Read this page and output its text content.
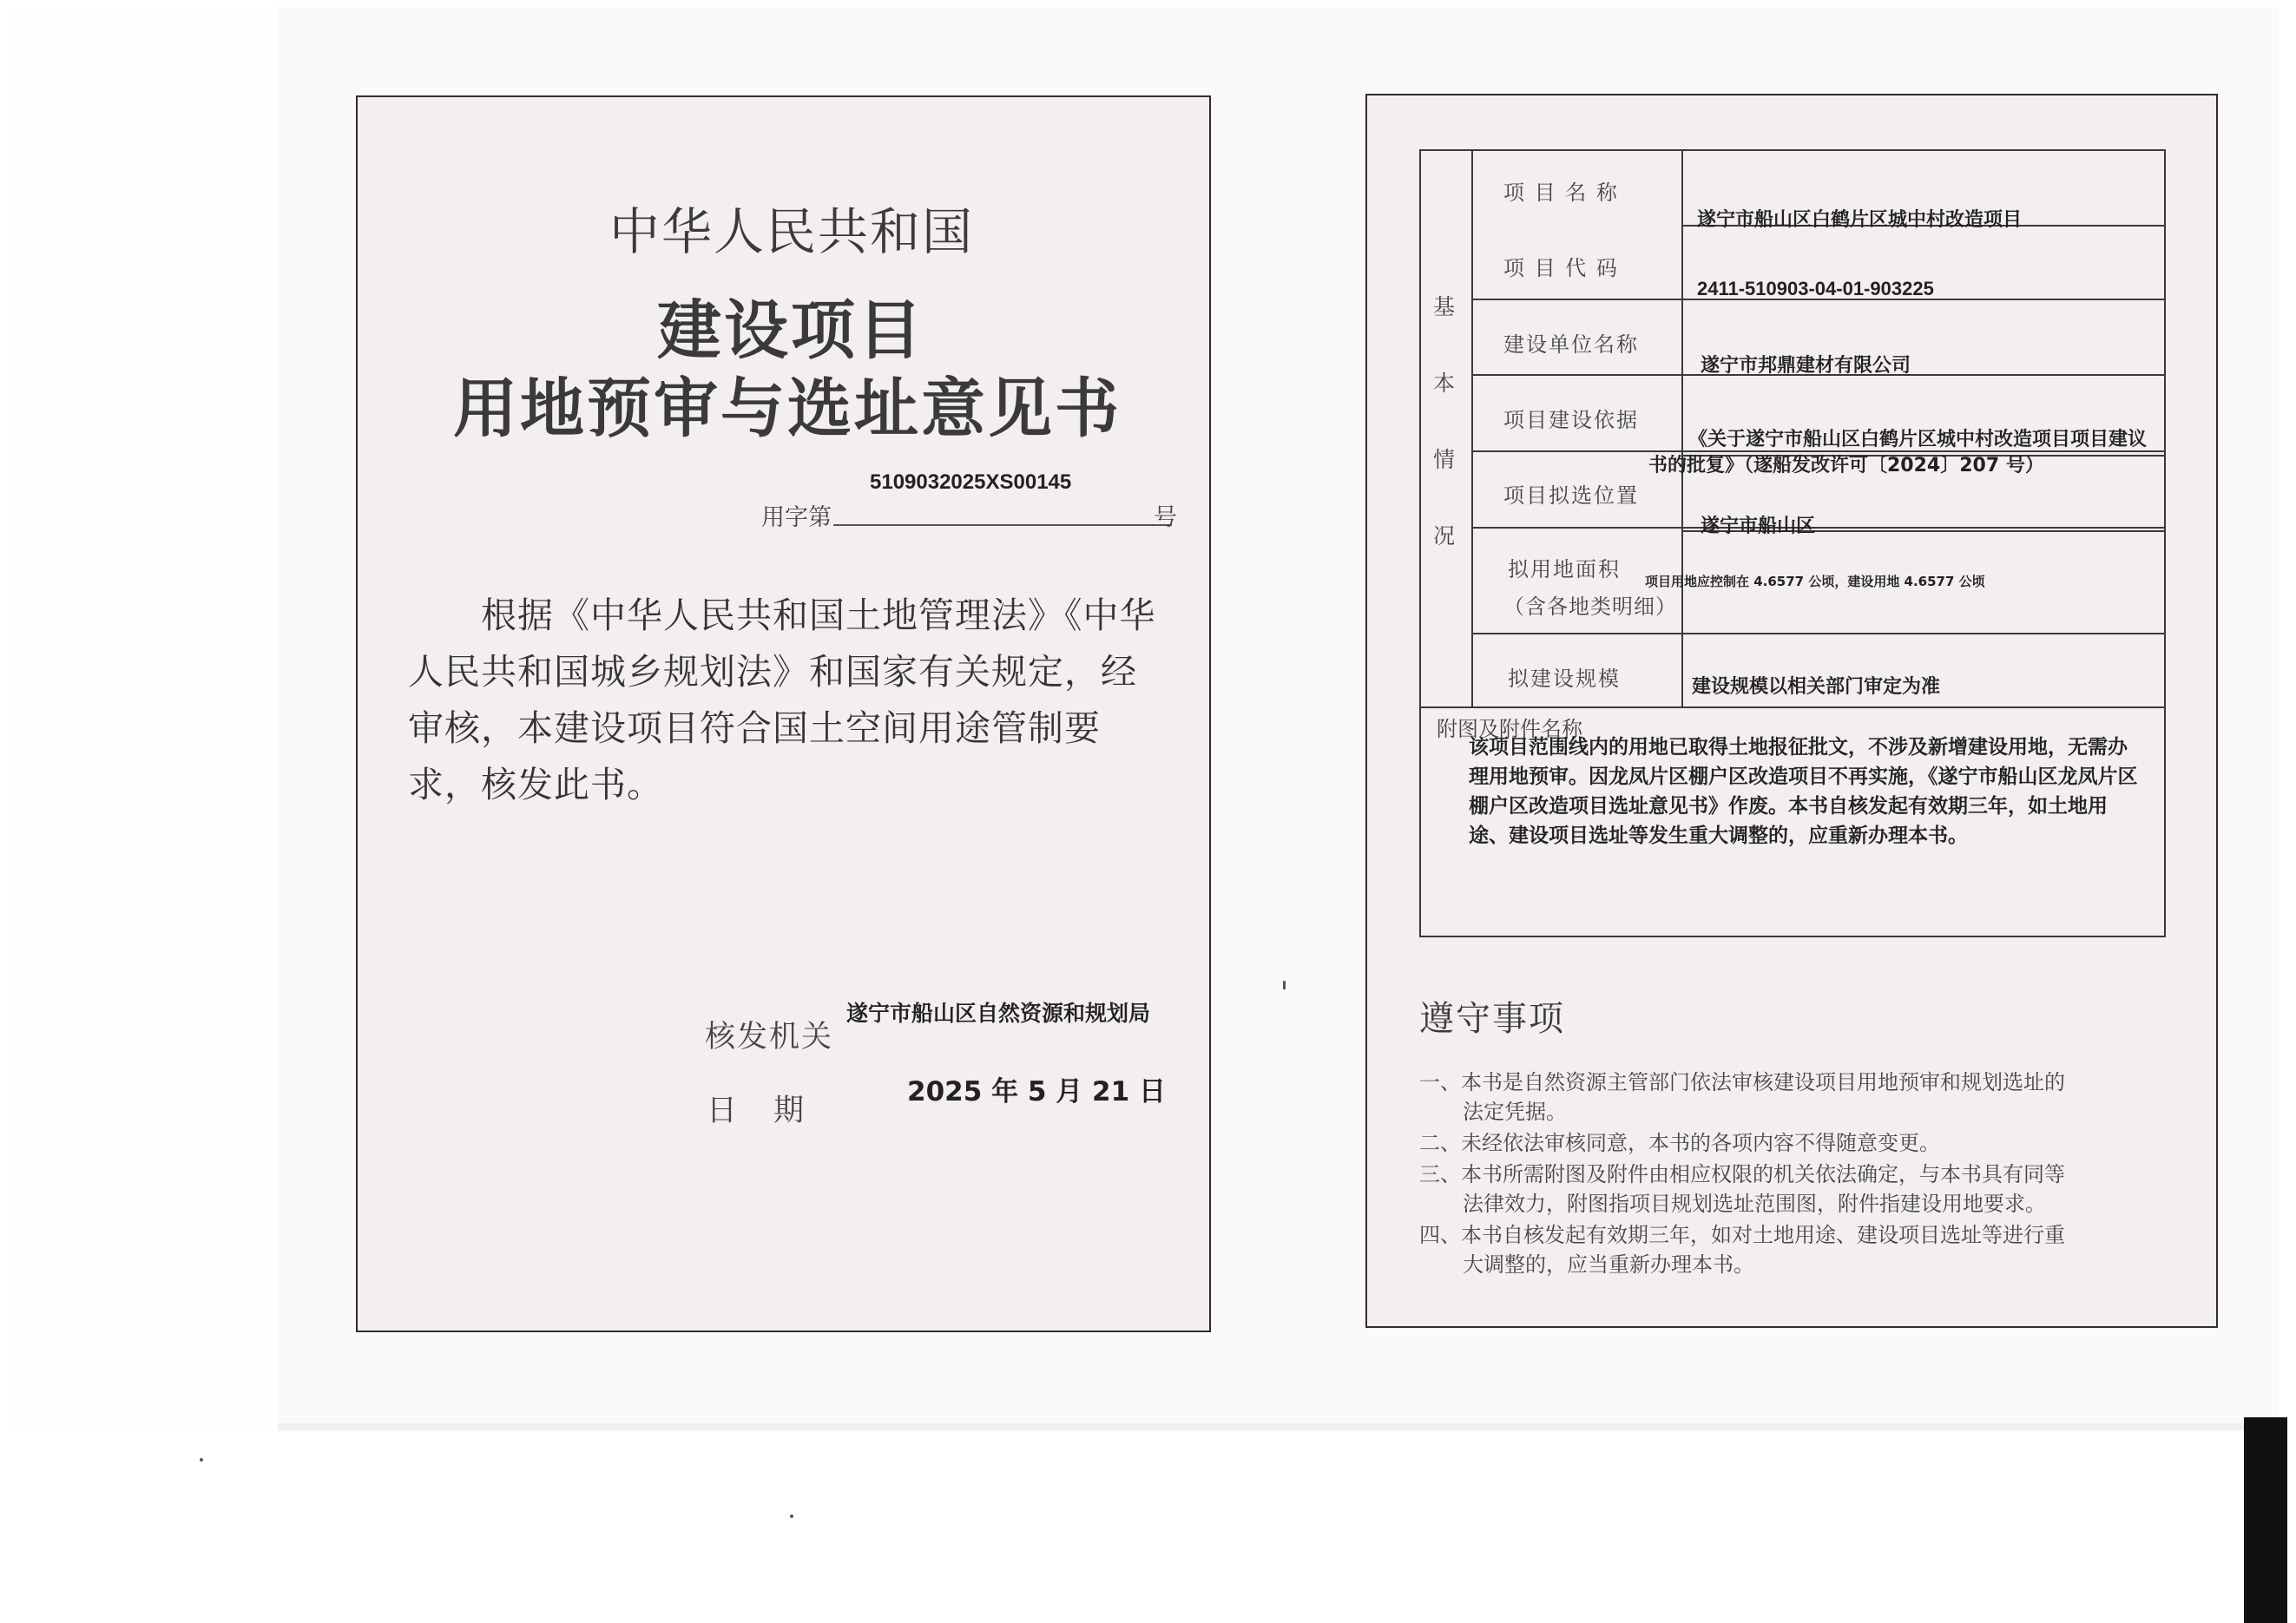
中华人民共和国
建设项目
用地预审与选址意见书
5109032025XS00145
用字第	号
根据《中华人民共和国土地管理法》《中华人民共和国城乡规划法》和国家有关规定，经审核，本建设项目符合国土空间用途管制要求，核发此书。
核发机关
遂宁市船山区自然资源和规划局
日期
2025 年 5 月 21 日
基
本
情
况
项 目 名 称
项 目 代 码
建设单位名称
项目建设依据
项目拟选位置
拟用地面积
（含各地类明细）
拟建设规模
遂宁市船山区白鹤片区城中村改造项目
2411-510903-04-01-903225
遂宁市邦鼎建材有限公司
《关于遂宁市船山区白鹤片区城中村改造项目项目建议
书的批复》（遂船发改许可〔2024〕207 号）
遂宁市船山区
项目用地应控制在 4.6577 公顷，建设用地 4.6577 公顷
建设规模以相关部门审定为准
附图及附件名称
该项目范围线内的用地已取得土地报征批文，不涉及新增建设用地，无需办理用地预审。因龙凤片区棚户区改造项目不再实施，《遂宁市船山区龙凤片区棚户区改造项目选址意见书》作废。本书自核发起有效期三年，如土地用途、建设项目选址等发生重大调整的，应重新办理本书。
遵守事项
一、本书是自然资源主管部门依法审核建设项目用地预审和规划选址的
法定凭据。
二、未经依法审核同意，本书的各项内容不得随意变更。
三、本书所需附图及附件由相应权限的机关依法确定，与本书具有同等
法律效力，附图指项目规划选址范围图，附件指建设用地要求。
四、本书自核发起有效期三年，如对土地用途、建设项目选址等进行重
大调整的，应当重新办理本书。
